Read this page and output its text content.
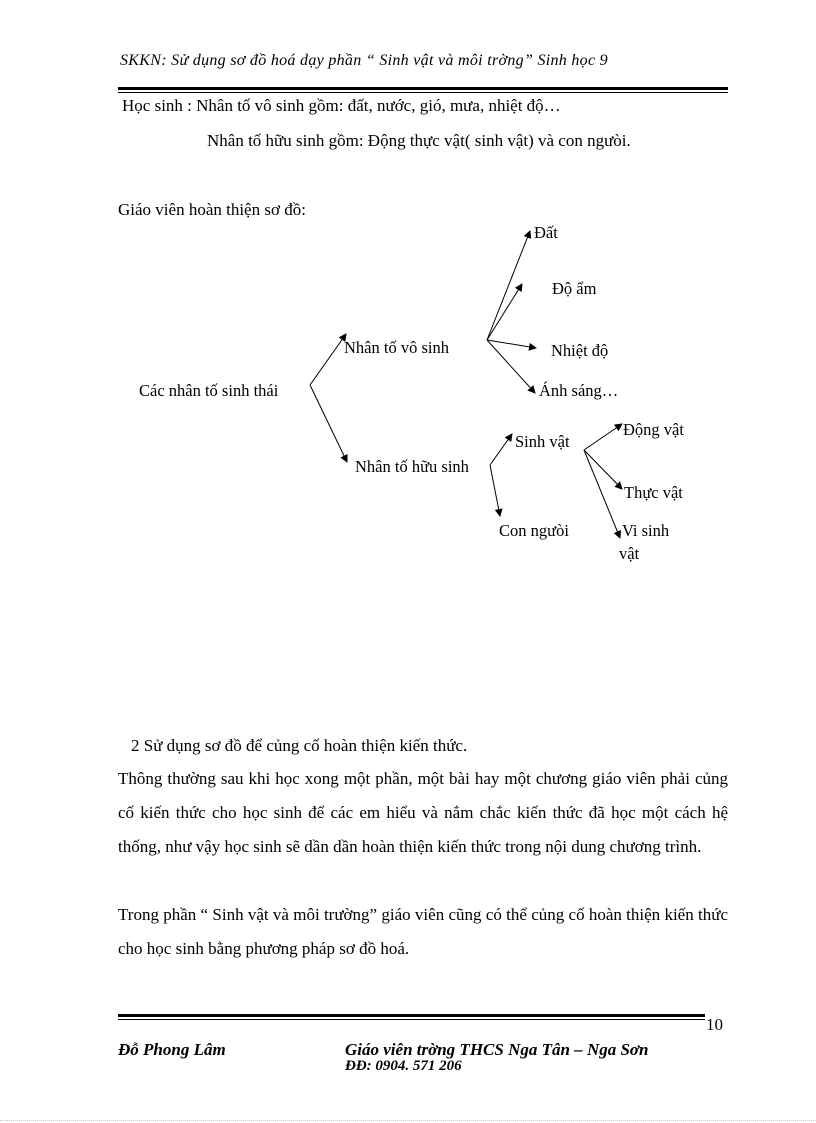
SKKN: Sử dụng sơ đồ hoá dạy phần “ Sinh vật và môi trờng” Sinh học 9
Học sinh : Nhân tố vô sinh gồm: đất, nước, gió, mưa, nhiệt độ…
Nhân tố hữu sinh gồm: Động thực vật( sinh vật) và con ngưòi.
Giáo viên hoàn thiện sơ đồ:
Các nhân tố sinh thái
Nhân tố vô sinh
Nhân tố hữu sinh
Đất
Độ ẩm
Nhiệt độ
Ánh sáng…
Sinh vật
Con ngưòi
Động vật
Thực vật
Vi sinh
vật
2 Sử dụng sơ đồ để củng cố hoàn thiện kiến thức.
Thông thường sau khi học xong một phần, một bài hay một chương giáo viên phải củng cố kiến thức cho học sinh để các em hiểu và nắm chắc kiến thức đã học một cách hệ thống, như vậy học sinh sẽ dần dần hoàn thiện kiến thức trong nội dung chương trình.
Trong phần “ Sinh vật và môi trường” giáo viên cũng có thể củng cố hoàn thiện kiến thức cho học sinh bằng phương pháp sơ đồ hoá.
10
Đỗ Phong Lâm	Giáo viên trờng THCS Nga Tân – Nga Sơn
ĐĐ: 0904. 571 206
